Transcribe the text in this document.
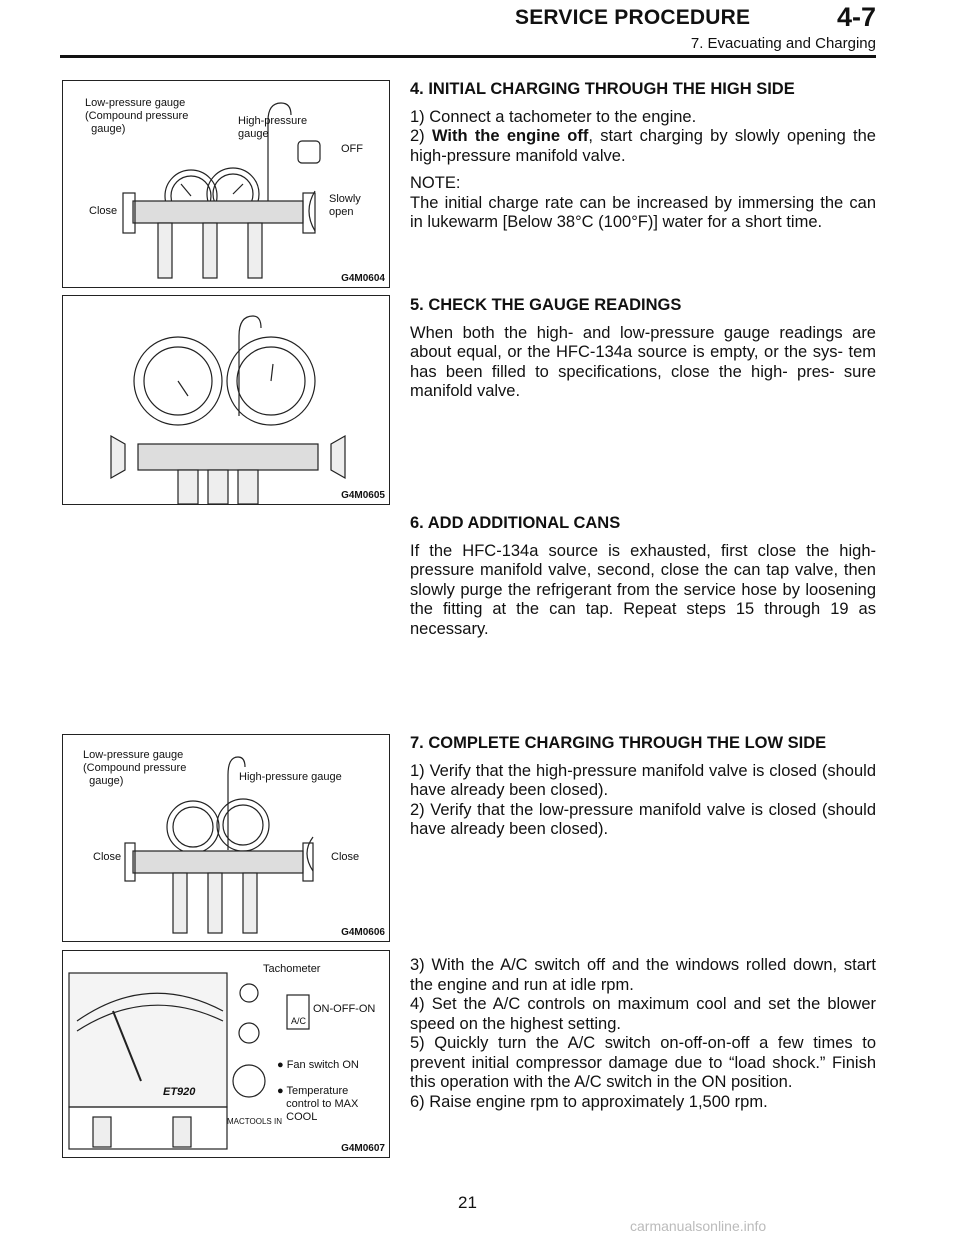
SERVICE PROCEDURE	4-7
7. Evacuating and Charging
Low-pressure gauge
(Compound pressure
gauge)
High-pressure
gauge
OFF
Close
Slowly
open
G4M0604
G4M0605
Low-pressure gauge
(Compound pressure
gauge)	High-pressure gauge
Close	Close
G4M0606
Tachometer
ON-OFF-ON
A/C
● Fan switch ON
● Temperature
control to MAX
COOL
ET920
MACTOOLS IN
G4M0607
4. INITIAL CHARGING THROUGH THE HIGH SIDE

1) Connect a tachometer to the engine.

2) With the engine off, start charging by slowly opening the high-pressure manifold valve.

NOTE:

The initial charge rate can be increased by immersing the can in lukewarm [Below 38°C (100°F)] water for a short time.

5. CHECK THE GAUGE READINGS

When both the high- and low-pressure gauge readings are about equal, or the HFC-134a source is empty, or the sys- tem has been filled to specifications, close the high- pres- sure manifold valve.

6. ADD ADDITIONAL CANS

If the HFC-134a source is exhausted, first close the high- pressure manifold valve, second, close the can tap valve, then slowly purge the refrigerant from the service hose by loosening the fitting at the can tap. Repeat steps 15 through 19 as necessary.

7. COMPLETE CHARGING THROUGH THE LOW SIDE

1) Verify that the high-pressure manifold valve is closed (should have already been closed).

2) Verify that the low-pressure manifold valve is closed (should have already been closed).

3) With the A/C switch off and the windows rolled down, start the engine and run at idle rpm.

4) Set the A/C controls on maximum cool and set the blower speed on the highest setting.

5) Quickly turn the A/C switch on-off-on-off a few times to prevent initial compressor damage due to “load shock.” Finish this operation with the A/C switch in the ON position.

6) Raise engine rpm to approximately 1,500 rpm.

21
carmanualsonline.info
